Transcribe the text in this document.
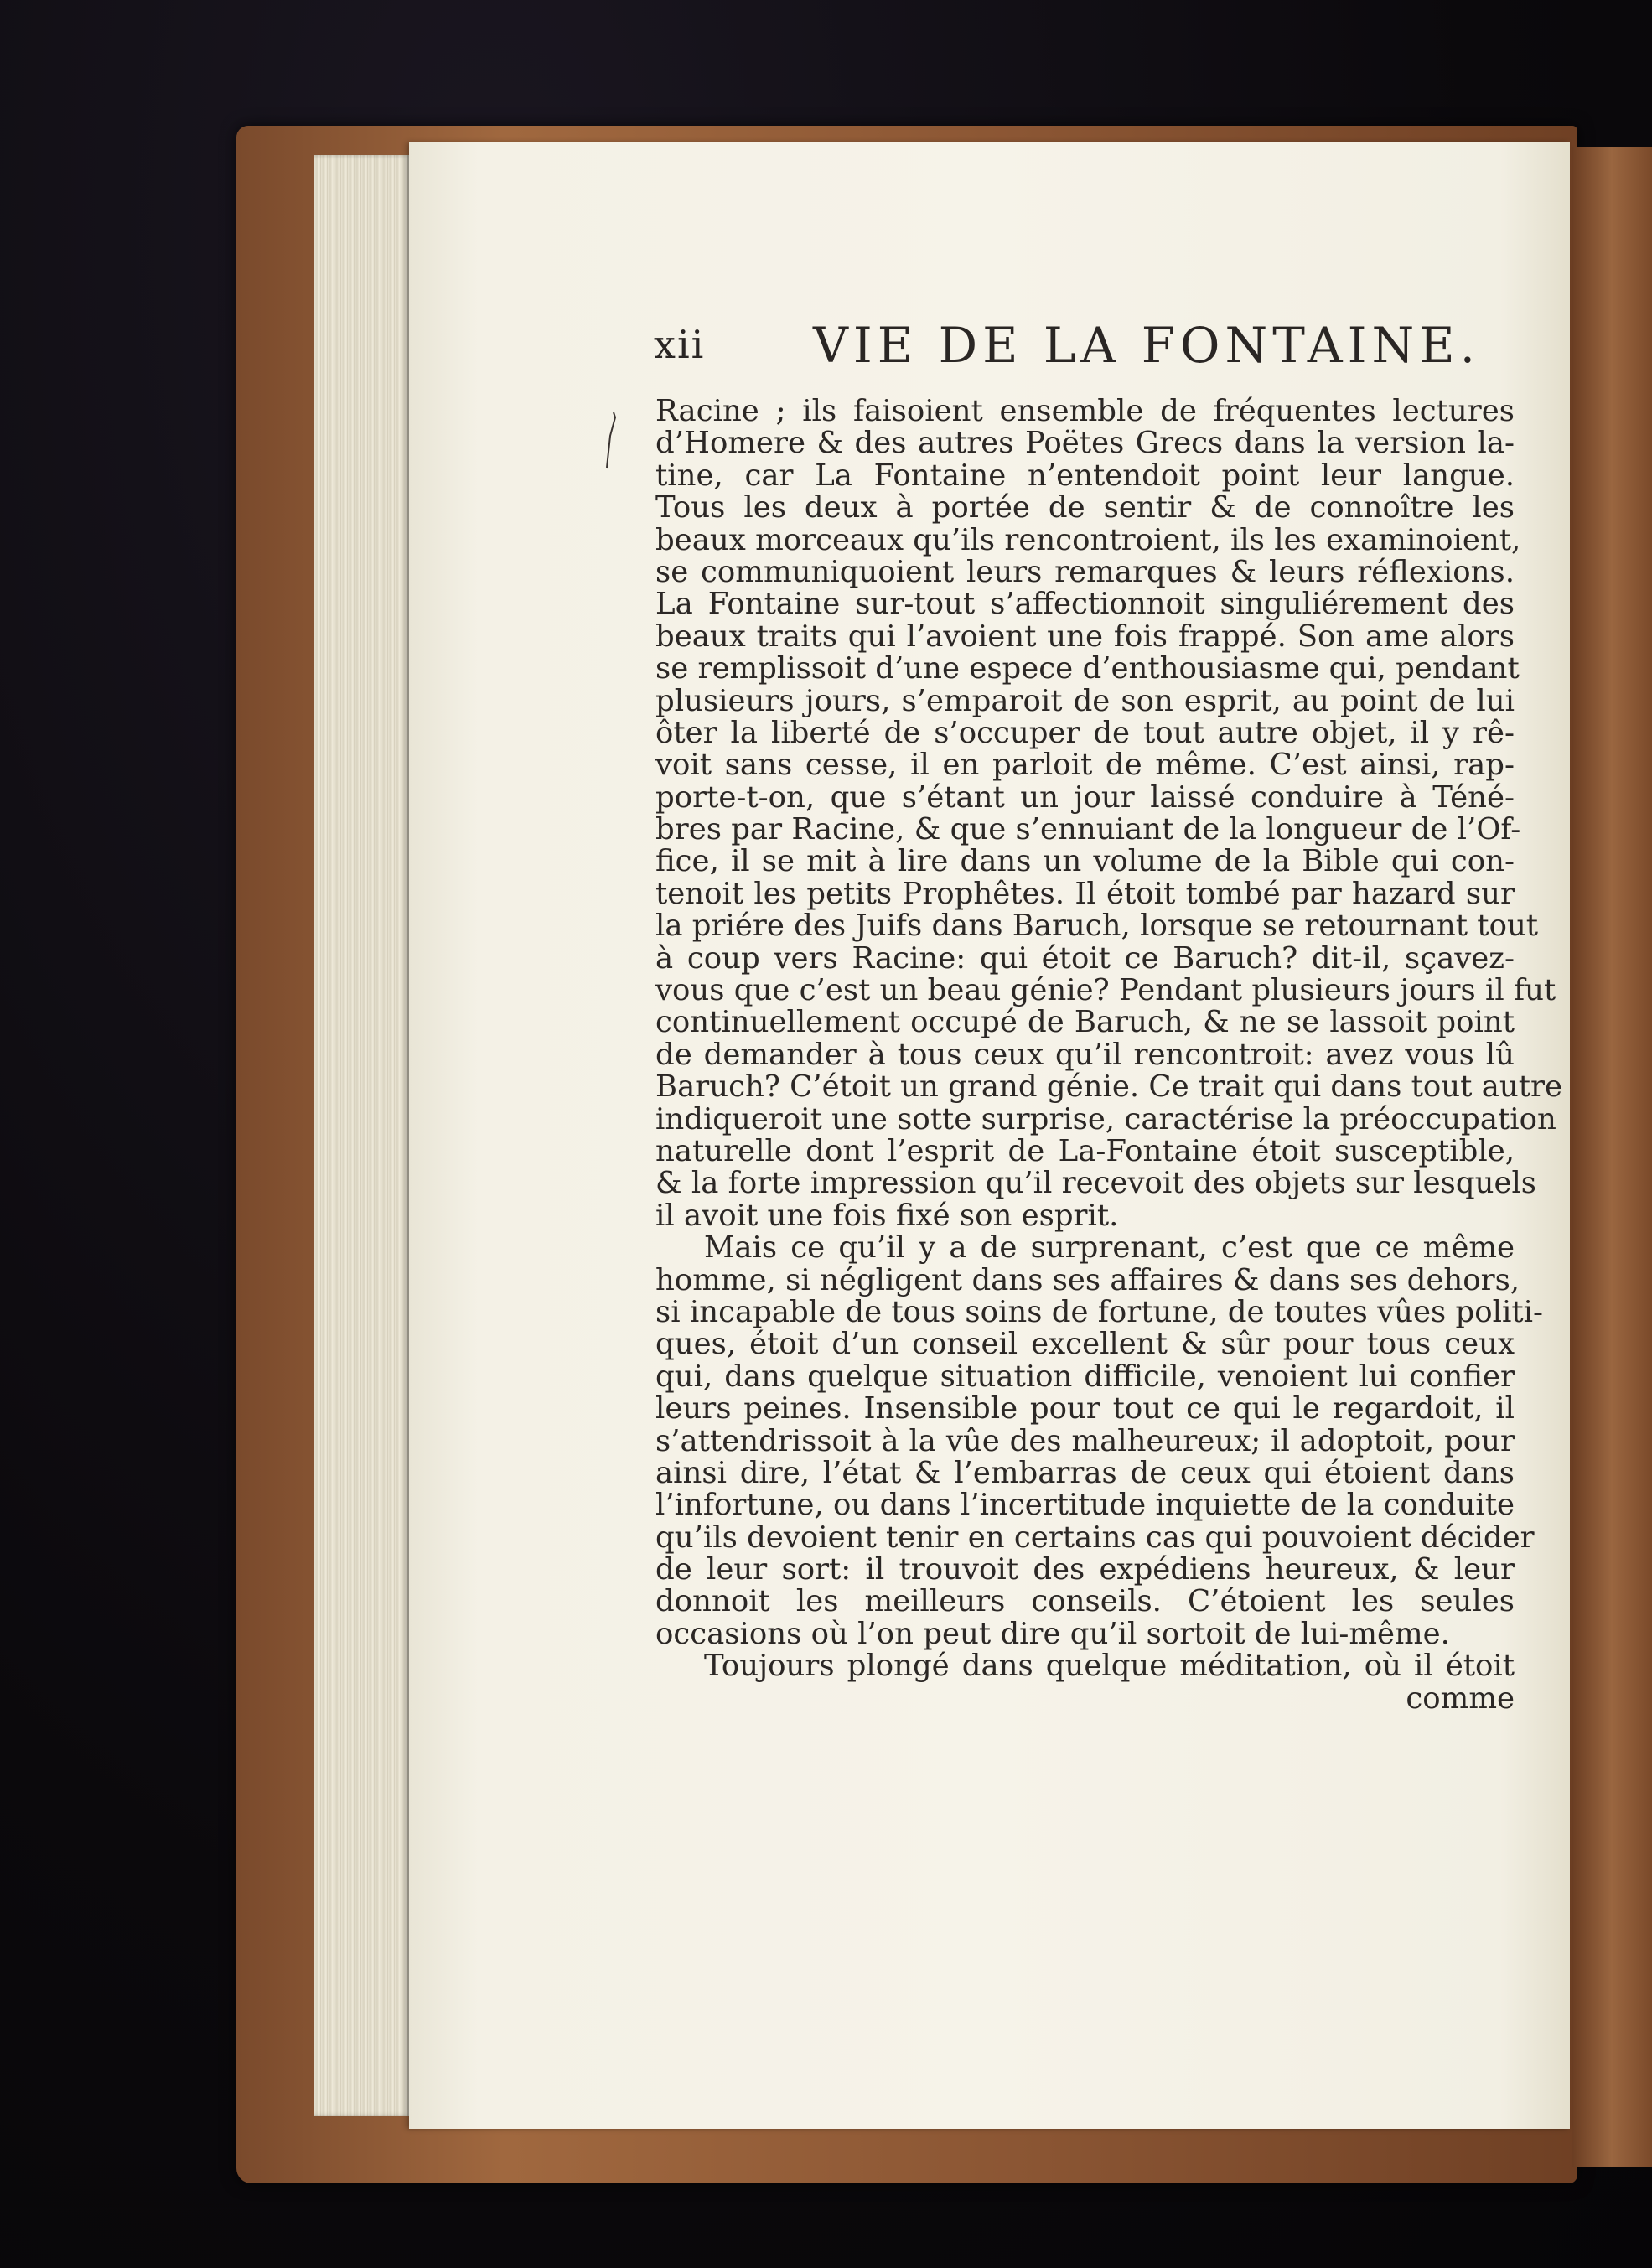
xii VIE DE LA FONTAINE.
Racine ; ils faisoient ensemble de fréquentes lectures
d’Homere & des autres Poëtes Grecs dans la version la-
tine, car La Fontaine n’entendoit point leur langue.
Tous les deux à portée de sentir & de connoître les
beaux morceaux qu’ils rencontroient, ils les examinoient,
se communiquoient leurs remarques & leurs réflexions.
La Fontaine sur-tout s’affectionnoit singuliérement des
beaux traits qui l’avoient une fois frappé. Son ame alors
se remplissoit d’une espece d’enthousiasme qui, pendant
plusieurs jours, s’emparoit de son esprit, au point de lui
ôter la liberté de s’occuper de tout autre objet, il y rê-
voit sans cesse, il en parloit de même. C’est ainsi, rap-
porte-t-on, que s’étant un jour laissé conduire à Téné-
bres par Racine, & que s’ennuiant de la longueur de l’Of-
fice, il se mit à lire dans un volume de la Bible qui con-
tenoit les petits Prophêtes. Il étoit tombé par hazard sur
la priére des Juifs dans Baruch, lorsque se retournant tout
à coup vers Racine: qui étoit ce Baruch? dit-il, sçavez-
vous que c’est un beau génie? Pendant plusieurs jours il fut
continuellement occupé de Baruch, & ne se lassoit point
de demander à tous ceux qu’il rencontroit: avez vous lû
Baruch? C’étoit un grand génie. Ce trait qui dans tout autre
indiqueroit une sotte surprise, caractérise la préoccupation
naturelle dont l’esprit de La-Fontaine étoit susceptible,
& la forte impression qu’il recevoit des objets sur lesquels
il avoit une fois fixé son esprit.
Mais ce qu’il y a de surprenant, c’est que ce même
homme, si négligent dans ses affaires & dans ses dehors,
si incapable de tous soins de fortune, de toutes vûes politi-
ques, étoit d’un conseil excellent & sûr pour tous ceux
qui, dans quelque situation difficile, venoient lui confier
leurs peines. Insensible pour tout ce qui le regardoit, il
s’attendrissoit à la vûe des malheureux; il adoptoit, pour
ainsi dire, l’état & l’embarras de ceux qui étoient dans
l’infortune, ou dans l’incertitude inquiette de la conduite
qu’ils devoient tenir en certains cas qui pouvoient décider
de leur sort: il trouvoit des expédiens heureux, & leur
donnoit les meilleurs conseils. C’étoient les seules
occasions où l’on peut dire qu’il sortoit de lui-même.
Toujours plongé dans quelque méditation, où il étoit
comme
